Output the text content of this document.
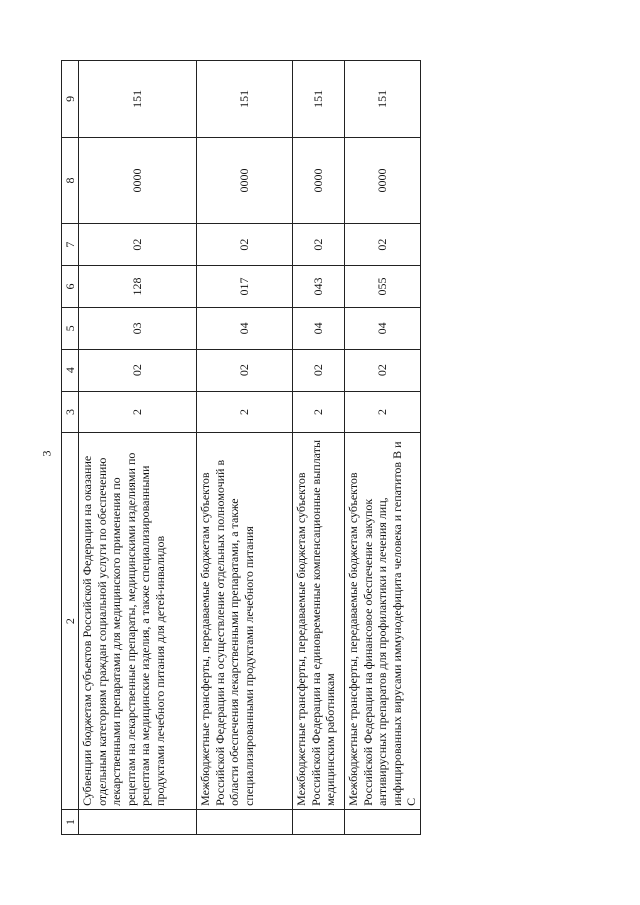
3
1	2	3	4	5	6	7	8	9
	Субвенции бюджетам субъектов Российской Федерации на оказание отдельным категориям граждан социальной услуги по обеспечению лекарственными препаратами для медицинского применения по рецептам на лекарственные препараты, медицинскими изделиями по рецептам на медицинские изделия, а также специализированными продуктами лечебного питания для детей-инвалидов	2	02	03	128	02	0000	151
	Межбюджетные трансферты, передаваемые бюджетам субъектов Российской Федерации на осуществление отдельных полномочий в области обеспечения лекарственными препаратами, а также специализированными продуктами лечебного питания	2	02	04	017	02	0000	151
	Межбюджетные трансферты, передаваемые бюджетам субъектов Российской Федерации на единовременные компенсационные выплаты медицинским работникам	2	02	04	043	02	0000	151
	Межбюджетные трансферты, передаваемые бюджетам субъектов Российской Федерации на финансовое обеспечение закупок антивирусных препаратов для профилактики и лечения лиц, инфицированных вирусами иммунодефицита человека и гепатитов В и С	2	02	04	055	02	0000	151
